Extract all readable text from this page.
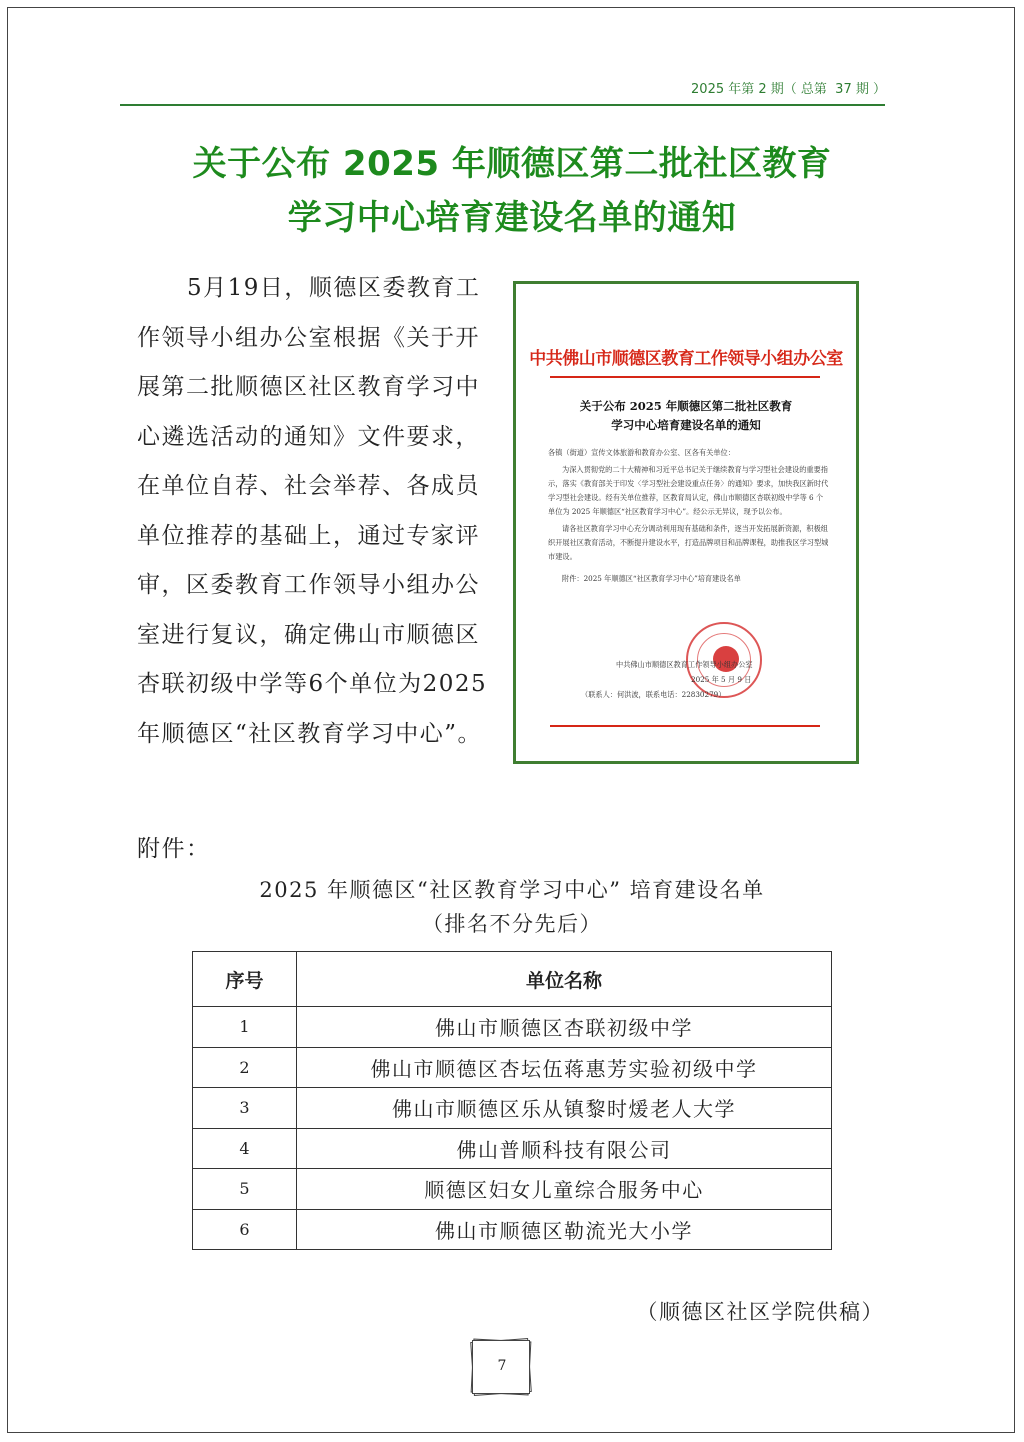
2025 年第 2 期（ 总第  37 期 ）
关于公布 2025 年顺德区第二批社区教育
学习中心培育建设名单的通知

5月19日，顺德区委教育工作领导小组办公室根据《关于开展第二批顺德区社区教育学习中心遴选活动的通知》文件要求，在单位自荐、社会举荐、各成员单位推荐的基础上，通过专家评审，区委教育工作领导小组办公室进行复议，确定佛山市顺德区杏联初级中学等6个单位为2025年顺德区“社区教育学习中心”。

中共佛山市顺德区教育工作领导小组办公室
关于公布 2025 年顺德区第二批社区教育
学习中心培育建设名单的通知

各镇（街道）宣传文体旅游和教育办公室、区各有关单位：

为深入贯彻党的二十大精神和习近平总书记关于继续教育与学习型社会建设的重要指示，落实《教育部关于印发〈学习型社会建设重点任务〉的通知》要求，加快我区新时代学习型社会建设。经有关单位推荐，区教育局认定，佛山市顺德区杏联初级中学等 6 个单位为 2025 年顺德区“社区教育学习中心”。经公示无异议，现予以公布。

请各社区教育学习中心充分调动利用现有基础和条件，逐当开发拓展新资源，积极组织开展社区教育活动，不断提升建设水平，打造品牌项目和品牌课程，助推我区学习型城市建设。

附件：2025 年顺德区“社区教育学习中心”培育建设名单

中共佛山市顺德区教育工作领导小组办公室
2025 年 5 月 9 日
（联系人：何洪波，联系电话：22830279）
附件：
2025 年顺德区“社区教育学习中心” 培育建设名单
（排名不分先后）
序号	单位名称
1	佛山市顺德区杏联初级中学
2	佛山市顺德区杏坛伍蒋惠芳实验初级中学
3	佛山市顺德区乐从镇黎时煖老人大学
4	佛山普顺科技有限公司
5	顺德区妇女儿童综合服务中心
6	佛山市顺德区勒流光大小学
（顺德区社区学院供稿）
7
